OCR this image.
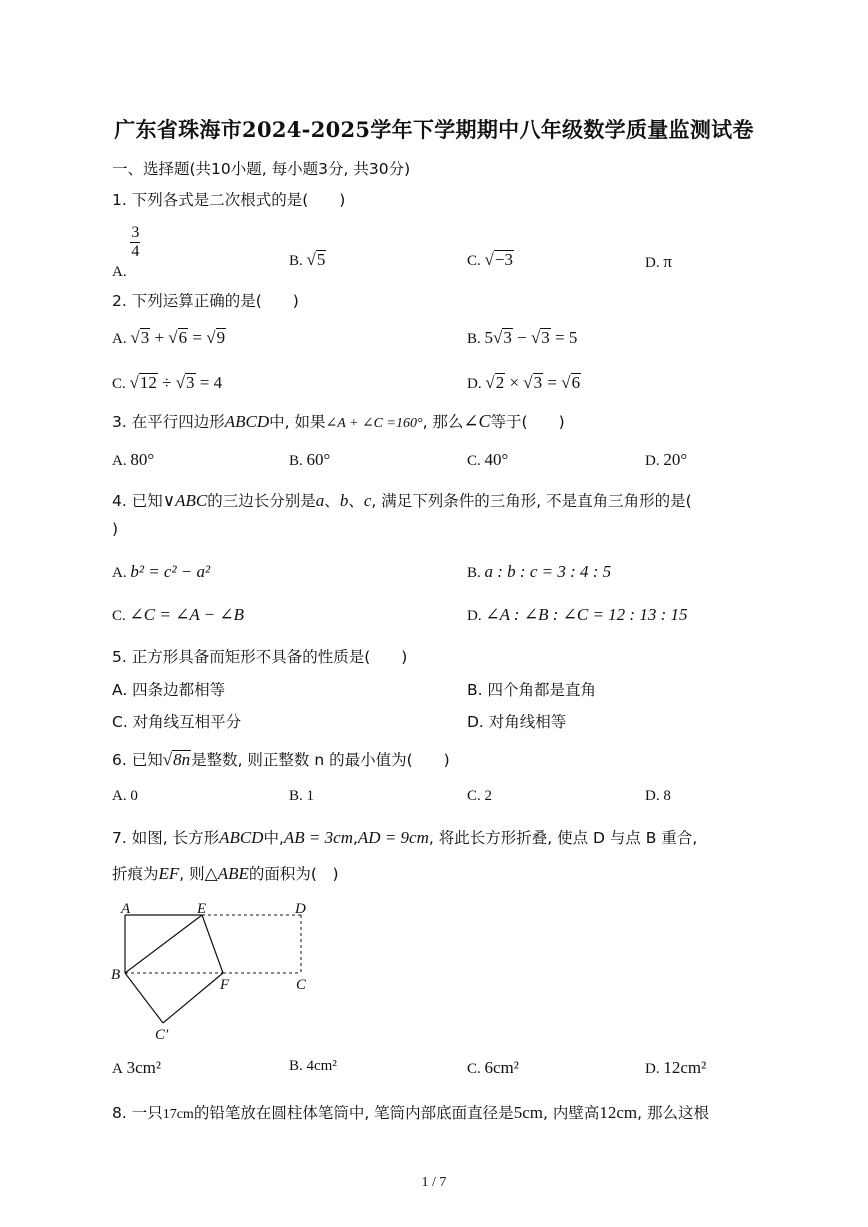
广东省珠海市2024-2025学年下学期期中八年级数学质量监测试卷
一、选择题(共10小题, 每小题3分, 共30分)
1. 下列各式是二次根式的是(　　)
A.
$\frac{3}{4}$
B. √5	C. √−3	D. π
2. 下列运算正确的是(　　)
A. √3 + √6 = √9	B. 5√3 − √3 = 5
C. √12 ÷ √3 = 4	D. √2 × √3 = √6
3. 在平行四边形ABCD中, 如果∠A + ∠C =160°, 那么∠C等于(　　)
A. 80°	B. 60°	C. 40°	D. 20°
4. 已知∨ABC的三边长分别是a、b、c, 满足下列条件的三角形, 不是直角三角形的是(
)
A. b² = c² − a²	B. a : b : c = 3 : 4 : 5
C. ∠C = ∠A − ∠B	D. ∠A : ∠B : ∠C = 12 : 13 : 15
5. 正方形具备而矩形不具备的性质是(　　)
A. 四条边都相等	B. 四个角都是直角
C. 对角线互相平分	D. 对角线相等
6. 已知√8n是整数, 则正整数 n 的最小值为(　　)
A. 0	B. 1	C. 2	D. 8
7. 如图, 长方形ABCD中,AB = 3cm,AD = 9cm, 将此长方形折叠, 使点 D 与点 B 重合,
折痕为EF, 则△ABE的面积为(　)
A	E	D
B
F	C
C′
A 3cm²	B. 4cm²	C. 6cm²	D. 12cm²
8. 一只17cm的铅笔放在圆柱体笔筒中, 笔筒内部底面直径是5cm, 内壁高12cm, 那么这根
1 / 7
